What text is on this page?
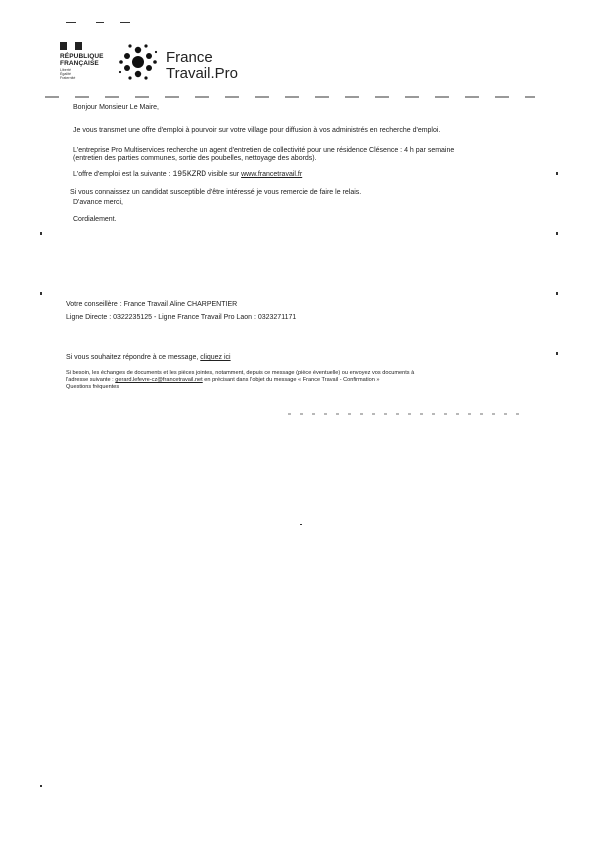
RÉPUBLIQUE
FRANÇAISE
Liberté
Égalité
Fraternité
France
Travail.Pro
Bonjour Monsieur Le Maire,
Je vous transmet une offre d'emploi à pourvoir sur votre village pour diffusion à vos administrés en recherche d'emploi.
L'entreprise Pro Multiservices recherche un agent d'entretien de collectivité pour une résidence Clésence : 4 h par semaine
(entretien des parties communes, sortie des poubelles, nettoyage des abords).
L'offre d'emploi est la suivante : 195KZRD visible sur www.francetravail.fr
Si vous connaissez un candidat susceptible d'être intéressé je vous remercie de faire le relais.
D'avance merci,
Cordialement.
Votre conseillère : France Travail Aline CHARPENTIER
Ligne Directe : 0322235125 - Ligne France Travail Pro Laon : 0323271171
Si vous souhaitez répondre à ce message, cliquez ici
Si besoin, les échanges de documents et les pièces jointes, notamment, depuis ce message (pièce éventuelle) ou envoyez vos documents à
l'adresse suivante : gerard.lefevre-cz@francetravail.net en précisant dans l'objet du message « France Travail - Confirmation »
Questions fréquentes
